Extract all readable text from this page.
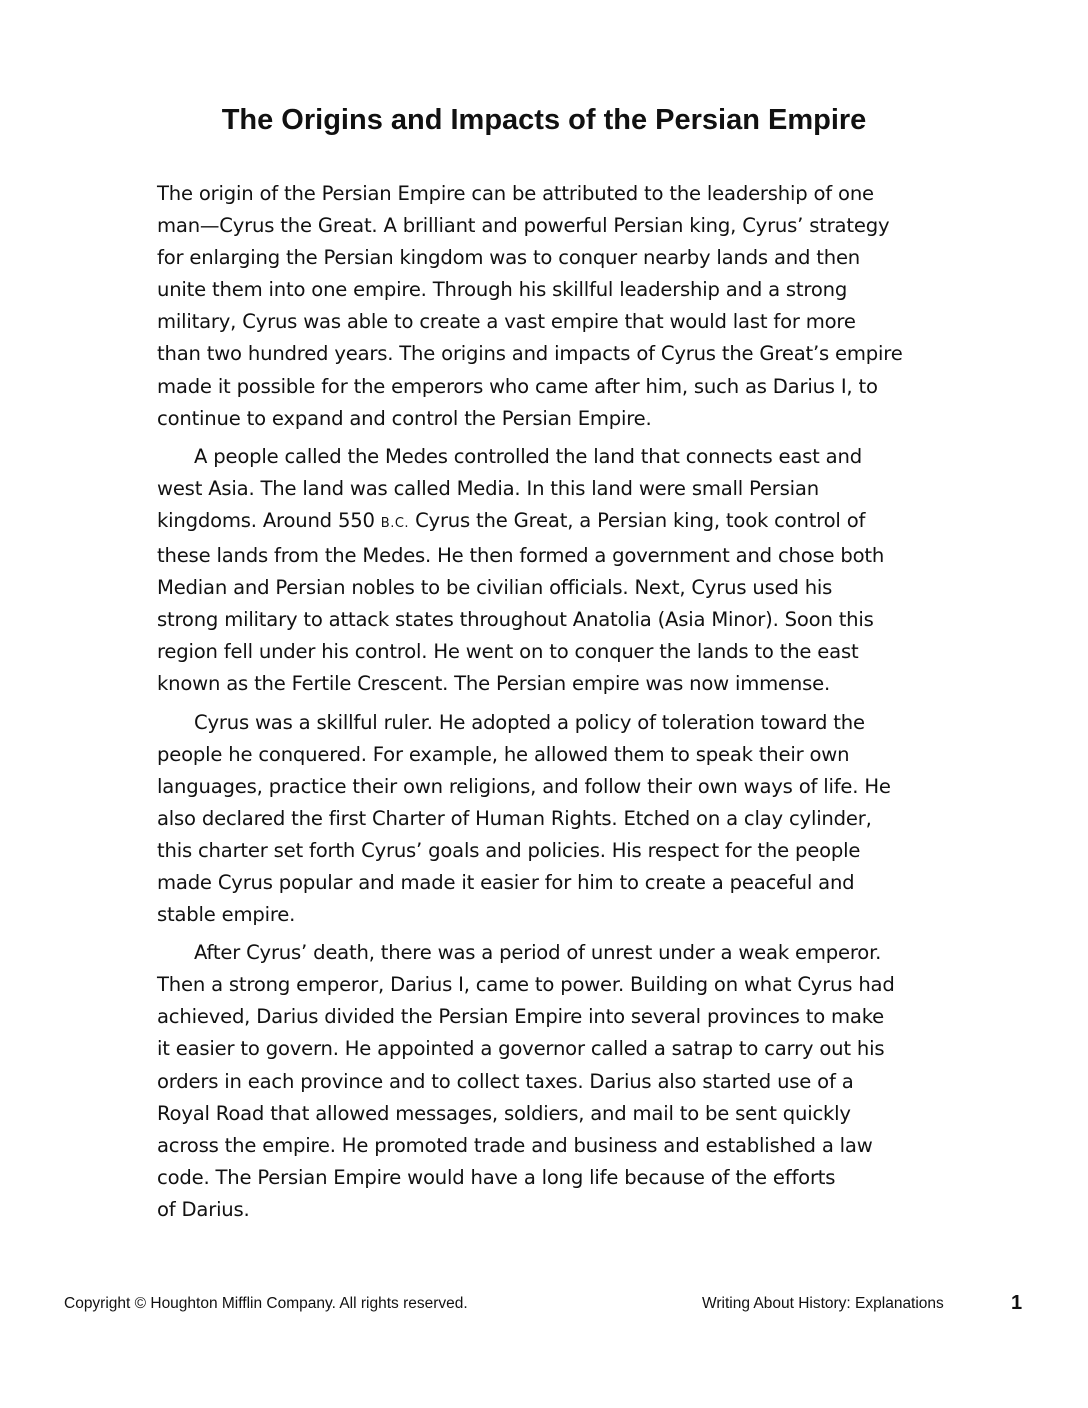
The Origins and Impacts of the Persian Empire
The origin of the Persian Empire can be attributed to the leadership of one
man—Cyrus the Great. A brilliant and powerful Persian king, Cyrus’ strategy
for enlarging the Persian kingdom was to conquer nearby lands and then
unite them into one empire. Through his skillful leadership and a strong
military, Cyrus was able to create a vast empire that would last for more
than two hundred years. The origins and impacts of Cyrus the Great’s empire
made it possible for the emperors who came after him, such as Darius I, to
continue to expand and control the Persian Empire.
A people called the Medes controlled the land that connects east and
west Asia. The land was called Media. In this land were small Persian
kingdoms. Around 550 B.C. Cyrus the Great, a Persian king, took control of
these lands from the Medes. He then formed a government and chose both
Median and Persian nobles to be civilian officials. Next, Cyrus used his
strong military to attack states throughout Anatolia (Asia Minor). Soon this
region fell under his control. He went on to conquer the lands to the east
known as the Fertile Crescent. The Persian empire was now immense.
Cyrus was a skillful ruler. He adopted a policy of toleration toward the
people he conquered. For example, he allowed them to speak their own
languages, practice their own religions, and follow their own ways of life. He
also declared the first Charter of Human Rights. Etched on a clay cylinder,
this charter set forth Cyrus’ goals and policies. His respect for the people
made Cyrus popular and made it easier for him to create a peaceful and
stable empire.
After Cyrus’ death, there was a period of unrest under a weak emperor.
Then a strong emperor, Darius I, came to power. Building on what Cyrus had
achieved, Darius divided the Persian Empire into several provinces to make
it easier to govern. He appointed a governor called a satrap to carry out his
orders in each province and to collect taxes. Darius also started use of a
Royal Road that allowed messages, soldiers, and mail to be sent quickly
across the empire. He promoted trade and business and established a law
code. The Persian Empire would have a long life because of the efforts
of Darius.
Copyright © Houghton Mifflin Company. All rights reserved.	Writing About History: Explanations	1
